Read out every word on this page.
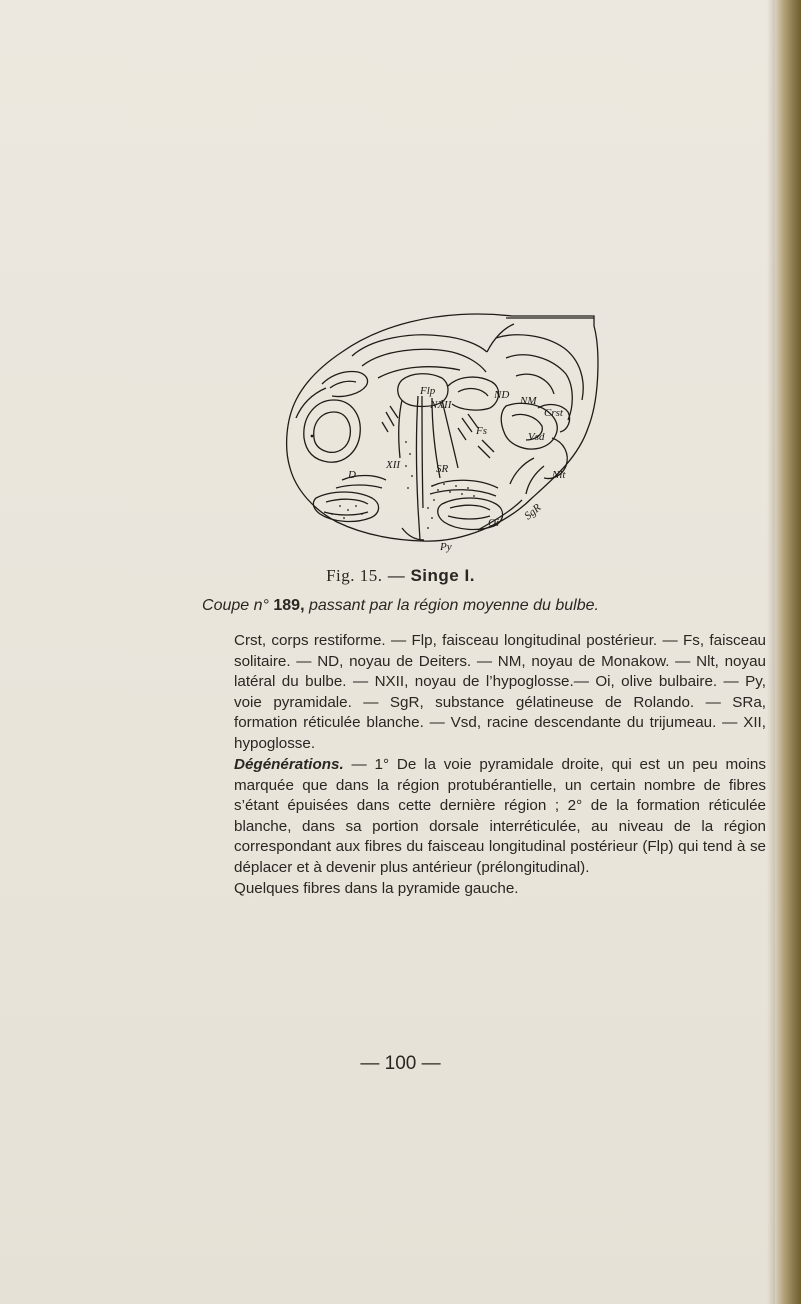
ND NM
NXII
Crst
Flp
Fs	Vsd
XII
D	Nlt
SR
Oi
Py
SgR
Fig. 15. — Singe I.
Coupe n° 189, passant par la région moyenne du bulbe.

Crst, corps restiforme. — Flp, faisceau longitudinal postérieur. — Fs, faisceau solitaire. — ND, noyau de Deiters. — NM, noyau de Monakow. — Nlt, noyau latéral du bulbe. — NXII, noyau de l’hypoglosse.— Oi, olive bulbaire. — Py, voie pyramidale. — SgR, substance gélatineuse de Rolando. — SRa, formation réticulée blanche. — Vsd, racine descendante du trijumeau. — XII, hypoglosse.

Dégénérations. — 1° De la voie pyramidale droite, qui est un peu moins marquée que dans la région protubérantielle, un certain nombre de fibres s’étant épuisées dans cette dernière région ; 2° de la formation réticulée blanche, dans sa portion dorsale interréticulée, au niveau de la région correspondant aux fibres du faisceau longitudinal postérieur (Flp) qui tend à se déplacer et à devenir plus antérieur (prélongitudinal).

Quelques fibres dans la pyramide gauche.

— 100 —
